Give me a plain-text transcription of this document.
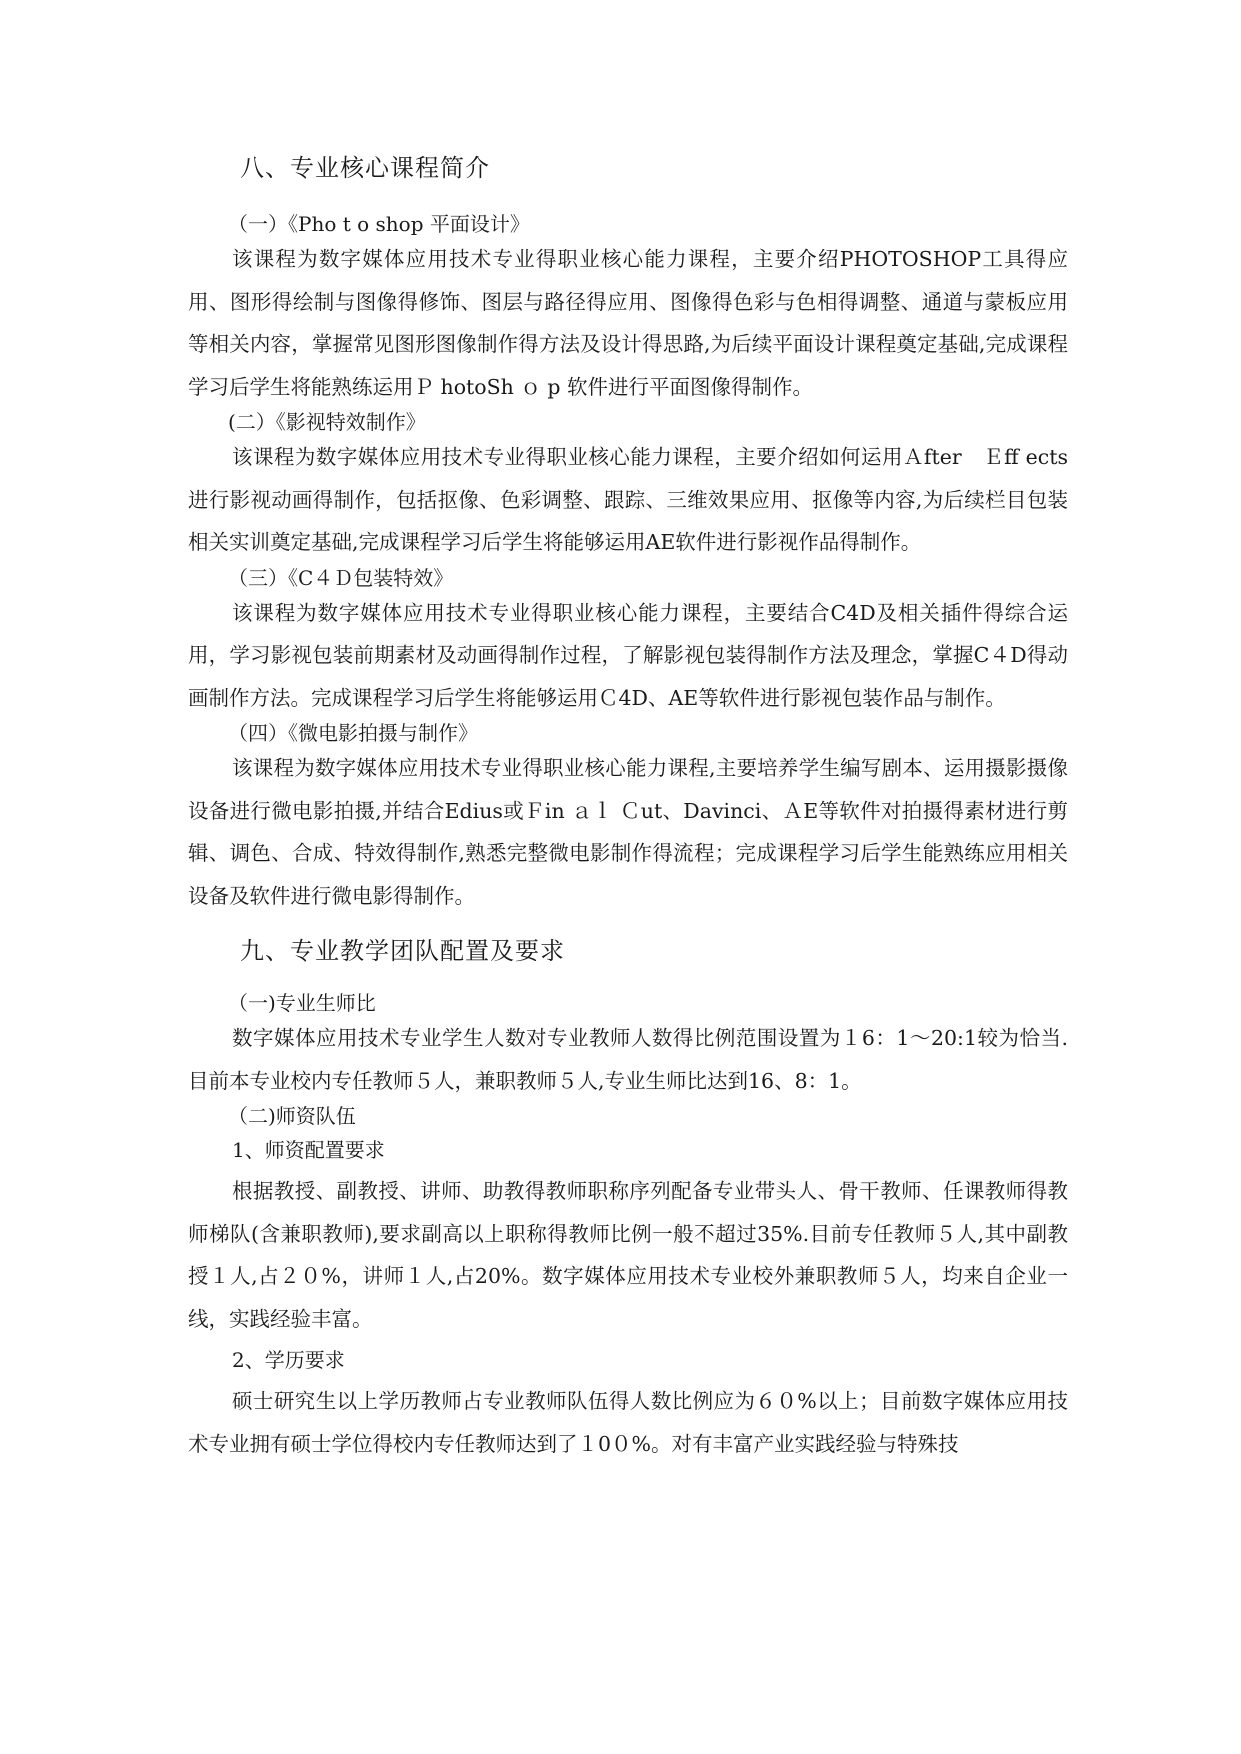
八、专业核心课程简介

（一）《Pho t o shop 平面设计》

该课程为数字媒体应用技术专业得职业核心能力课程，主要介绍PHOTOSHOP工具得应用、图形得绘制与图像得修饰、图层与路径得应用、图像得色彩与色相得调整、通道与蒙板应用等相关内容，掌握常见图形图像制作得方法及设计得思路,为后续平面设计课程奠定基础,完成课程学习后学生将能熟练运用Ｐ hotoSh ｏ p 软件进行平面图像得制作。

(二）《影视特效制作》

该课程为数字媒体应用技术专业得职业核心能力课程，主要介绍如何运用Ａfter　Ｅff ects进行影视动画得制作，包括抠像、色彩调整、跟踪、三维效果应用、抠像等内容,为后续栏目包装相关实训奠定基础,完成课程学习后学生将能够运用AE软件进行影视作品得制作。

（三）《C４Ｄ包装特效》

该课程为数字媒体应用技术专业得职业核心能力课程，主要结合C4D及相关插件得综合运用，学习影视包装前期素材及动画得制作过程，了解影视包装得制作方法及理念，掌握C４D得动画制作方法。完成课程学习后学生将能够运用Ｃ4D、AE等软件进行影视包装作品与制作。

（四）《微电影拍摄与制作》

该课程为数字媒体应用技术专业得职业核心能力课程,主要培养学生编写剧本、运用摄影摄像设备进行微电影拍摄,并结合Edius或Ｆin ａｌ Ｃut、Davinci、ＡE等软件对拍摄得素材进行剪辑、调色、合成、特效得制作,熟悉完整微电影制作得流程；完成课程学习后学生能熟练应用相关设备及软件进行微电影得制作。

九、专业教学团队配置及要求

（一)专业生师比

数字媒体应用技术专业学生人数对专业教师人数得比例范围设置为１6：1～20:1较为恰当.目前本专业校内专任教师５人，兼职教师５人,专业生师比达到16、8：1。

（二)师资队伍

1、师资配置要求

根据教授、副教授、讲师、助教得教师职称序列配备专业带头人、骨干教师、任课教师得教师梯队(含兼职教师),要求副高以上职称得教师比例一般不超过35%.目前专任教师５人,其中副教授１人,占２０%，讲师１人,占20%。数字媒体应用技术专业校外兼职教师５人，均来自企业一线，实践经验丰富。

2、学历要求

硕士研究生以上学历教师占专业教师队伍得人数比例应为６０%以上；目前数字媒体应用技术专业拥有硕士学位得校内专任教师达到了１0０%。对有丰富产业实践经验与特殊技
